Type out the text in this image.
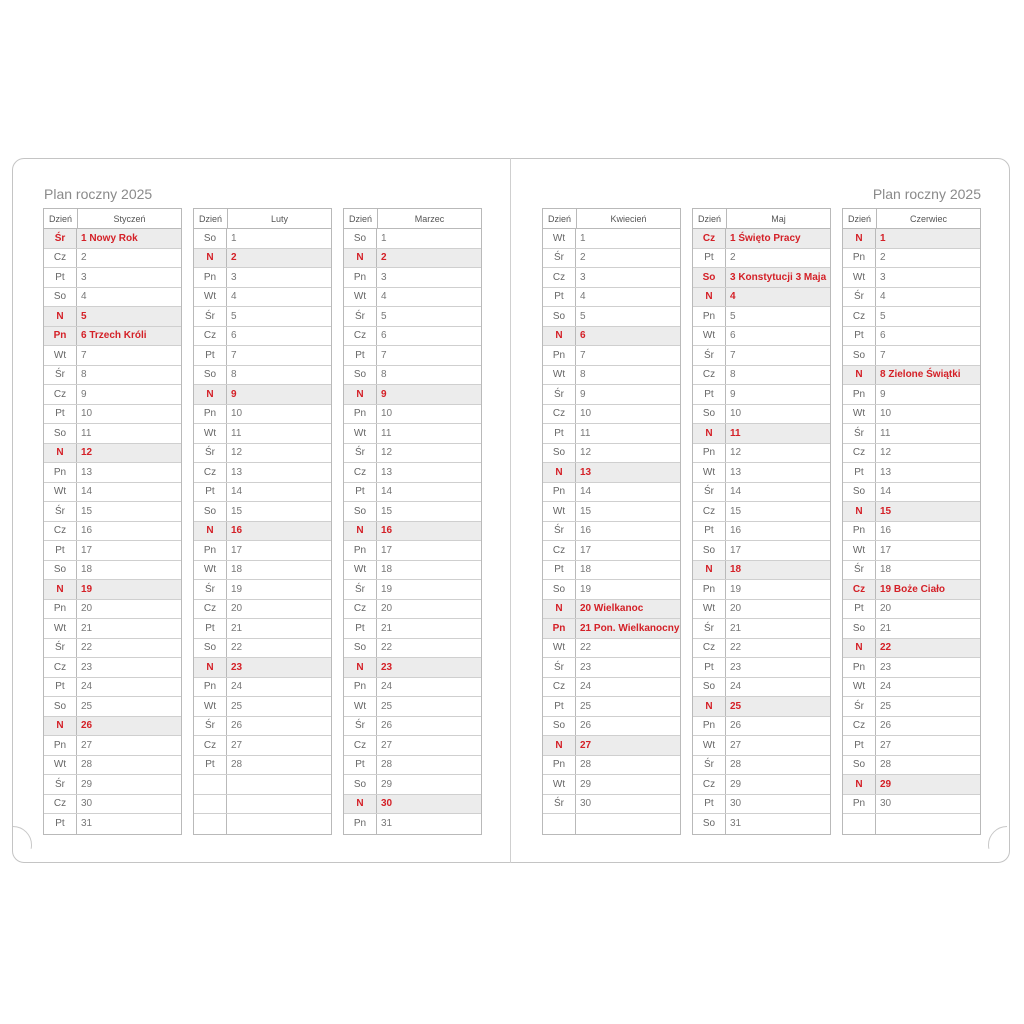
Plan roczny 2025	Plan roczny 2025
Dzień	Styczeń
Śr	1 Nowy Rok
Cz	2
Pt	3
So	4
N	5
Pn	6 Trzech Króli
Wt	7
Śr	8
Cz	9
Pt	10
So	11
N	12
Pn	13
Wt	14
Śr	15
Cz	16
Pt	17
So	18
N	19
Pn	20
Wt	21
Śr	22
Cz	23
Pt	24
So	25
N	26
Pn	27
Wt	28
Śr	29
Cz	30
Pt	31
Dzień	Luty
So	1
N	2
Pn	3
Wt	4
Śr	5
Cz	6
Pt	7
So	8
N	9
Pn	10
Wt	11
Śr	12
Cz	13
Pt	14
So	15
N	16
Pn	17
Wt	18
Śr	19
Cz	20
Pt	21
So	22
N	23
Pn	24
Wt	25
Śr	26
Cz	27
Pt	28
Dzień	Marzec
So	1
N	2
Pn	3
Wt	4
Śr	5
Cz	6
Pt	7
So	8
N	9
Pn	10
Wt	11
Śr	12
Cz	13
Pt	14
So	15
N	16
Pn	17
Wt	18
Śr	19
Cz	20
Pt	21
So	22
N	23
Pn	24
Wt	25
Śr	26
Cz	27
Pt	28
So	29
N	30
Pn	31
Dzień	Kwiecień
Wt	1
Śr	2
Cz	3
Pt	4
So	5
N	6
Pn	7
Wt	8
Śr	9
Cz	10
Pt	11
So	12
N	13
Pn	14
Wt	15
Śr	16
Cz	17
Pt	18
So	19
N	20 Wielkanoc
Pn	21 Pon. Wielkanocny
Wt	22
Śr	23
Cz	24
Pt	25
So	26
N	27
Pn	28
Wt	29
Śr	30
Dzień	Maj
Cz	1 Święto Pracy
Pt	2
So	3 Konstytucji 3 Maja
N	4
Pn	5
Wt	6
Śr	7
Cz	8
Pt	9
So	10
N	11
Pn	12
Wt	13
Śr	14
Cz	15
Pt	16
So	17
N	18
Pn	19
Wt	20
Śr	21
Cz	22
Pt	23
So	24
N	25
Pn	26
Wt	27
Śr	28
Cz	29
Pt	30
So	31
Dzień	Czerwiec
N	1
Pn	2
Wt	3
Śr	4
Cz	5
Pt	6
So	7
N	8 Zielone Świątki
Pn	9
Wt	10
Śr	11
Cz	12
Pt	13
So	14
N	15
Pn	16
Wt	17
Śr	18
Cz	19 Boże Ciało
Pt	20
So	21
N	22
Pn	23
Wt	24
Śr	25
Cz	26
Pt	27
So	28
N	29
Pn	30
